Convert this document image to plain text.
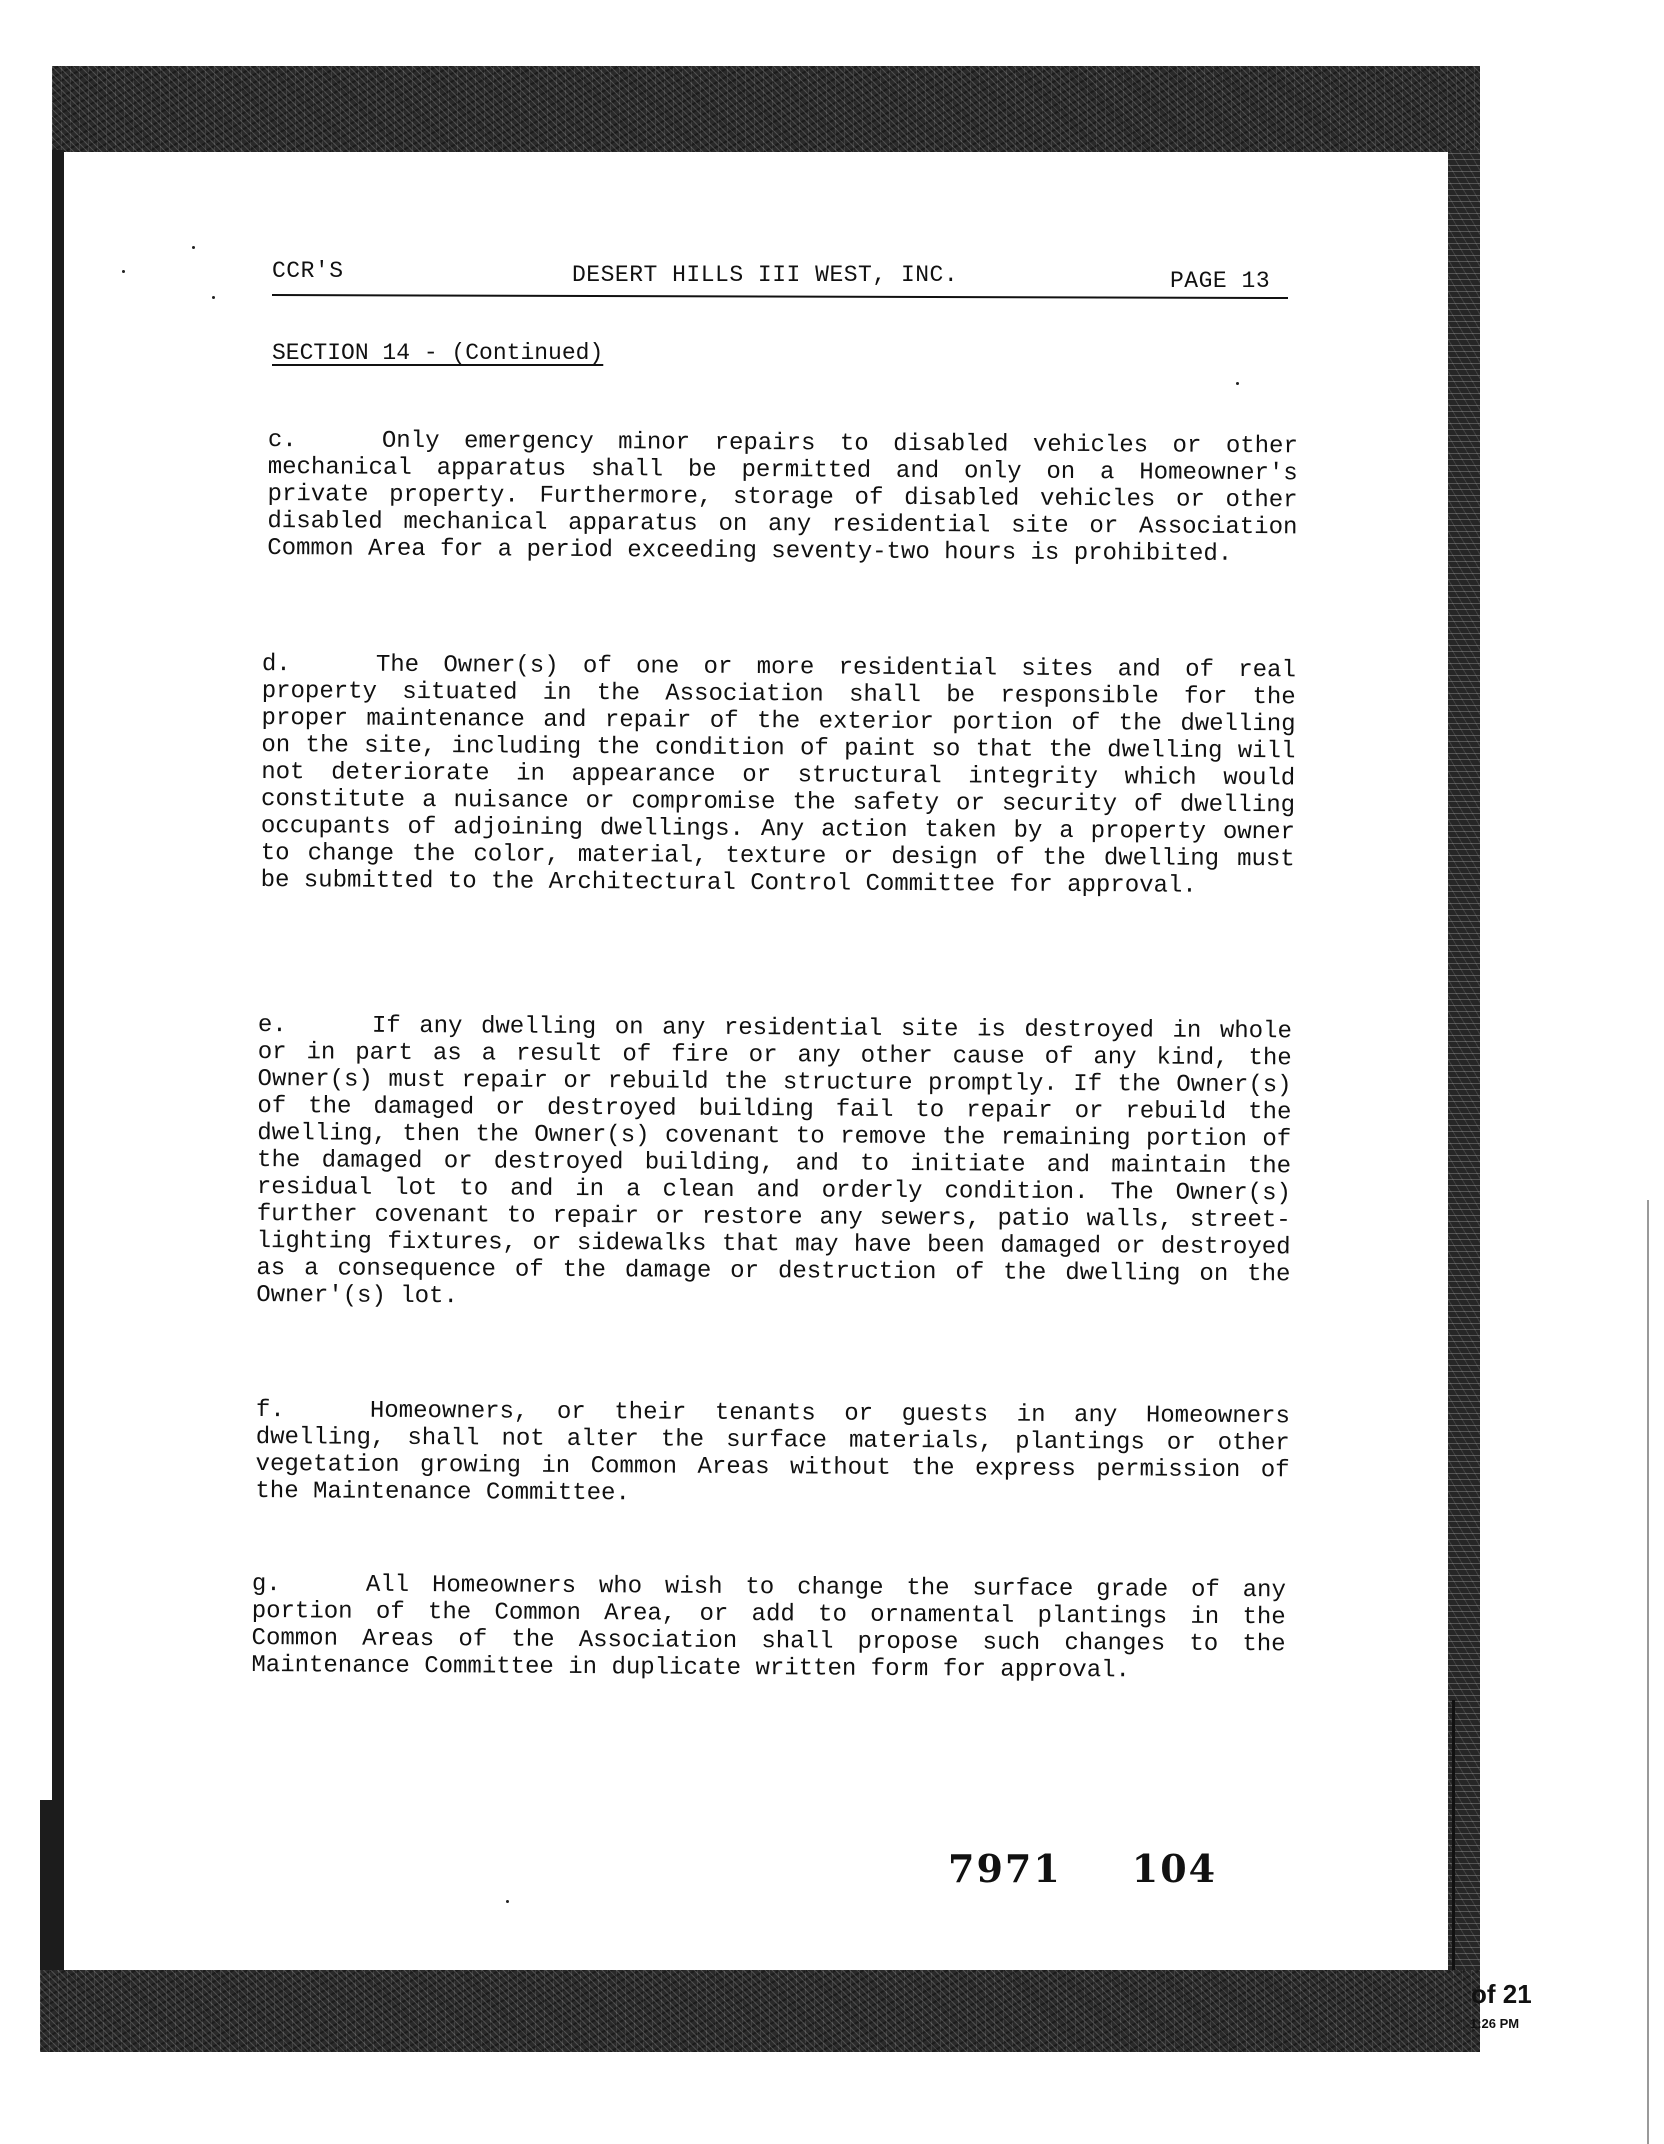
CCR'S	DESERT HILLS III WEST, INC.	PAGE 13
SECTION 14 - (Continued)

c.	Only emergency minor repairs to disabled vehicles or other mechanical apparatus shall be permitted and only on a Homeowner's private property. Furthermore, storage of disabled vehicles or other disabled mechanical apparatus on any residential site or Association Common Area for a period exceeding seventy-two hours is prohibited.

d.	The Owner(s) of one or more residential sites and of real property situated in the Association shall be responsible for the proper maintenance and repair of the exterior portion of the dwelling on the site, including the condition of paint so that the dwelling will not deteriorate in appearance or structural integrity which would constitute a nuisance or compromise the safety or security of dwelling occupants of adjoining dwellings. Any action taken by a property owner to change the color, material, texture or design of the dwelling must be submitted to the Architectural Control Committee for approval.

e.	If any dwelling on any residential site is destroyed in whole or in part as a result of fire or any other cause of any kind, the Owner(s) must repair or rebuild the structure promptly. If the Owner(s) of the damaged or destroyed building fail to repair or rebuild the dwelling, then the Owner(s) covenant to remove the remaining portion of the damaged or destroyed building, and to initiate and maintain the residual lot to and in a clean and orderly condition. The Owner(s) further covenant to repair or restore any sewers, patio walls, street-lighting fixtures, or sidewalks that may have been damaged or destroyed as a consequence of the damage or destruction of the dwelling on the Owner'(s) lot.

f.	Homeowners, or their tenants or guests in any Homeowners dwelling, shall not alter the surface materials, plantings or other vegetation growing in Common Areas without the express permission of the Maintenance Committee.

g.	All Homeowners who wish to change the surface grade of any portion of the Common Area, or add to ornamental plantings in the Common Areas of the Association shall propose such changes to the Maintenance Committee in duplicate written form for approval.

7971 104
of 21
1:26 PM
